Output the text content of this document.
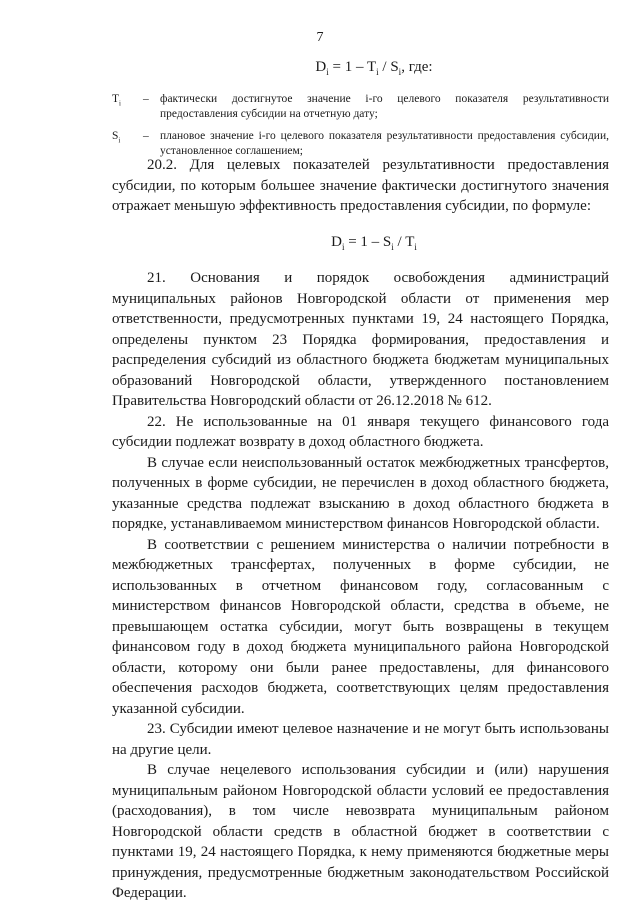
7
$D_i = 1 - T_i / S_i$, где:
$T_i$	– фактически достигнутое значение i-го целевого показателя результативности предоставления субсидии на отчетную дату;
$S_i$	– плановое значение i-го целевого показателя результативности предоставления субсидии, установленное соглашением;

20.2. Для целевых показателей результативности предоставления субсидии, по которым большее значение фактически достигнутого значения отражает меньшую эффективность предоставления субсидии, по формуле:

$D_i = 1 - S_i / T_i$

21. Основания и порядок освобождения администраций муниципальных районов Новгородской области от применения мер ответственности, предусмотренных пунктами 19, 24 настоящего Порядка, определены пунктом 23 Порядка формирования, предоставления и распределения субсидий из областного бюджета бюджетам муниципальных образований Новгородской области, утвержденного постановлением Правительства Новгородский области от 26.12.2018 № 612.

22. Не использованные на 01 января текущего финансового года субсидии подлежат возврату в доход областного бюджета.

В случае если неиспользованный остаток межбюджетных трансфертов, полученных в форме субсидии, не перечислен в доход областного бюджета, указанные средства подлежат взысканию в доход областного бюджета в порядке, устанавливаемом министерством финансов Новгородской области.

В соответствии с решением министерства о наличии потребности в межбюджетных трансфертах, полученных в форме субсидии, не использованных в отчетном финансовом году, согласованным с министерством финансов Новгородской области, средства в объеме, не превышающем остатка субсидии, могут быть возвращены в текущем финансовом году в доход бюджета муниципального района Новгородской области, которому они были ранее предоставлены, для финансового обеспечения расходов бюджета, соответствующих целям предоставления указанной субсидии.

23. Субсидии имеют целевое назначение и не могут быть использованы на другие цели.

В случае нецелевого использования субсидии и (или) нарушения муниципальным районом Новгородской области условий ее предоставления (расходования), в том числе невозврата муниципальным районом Новгородской области средств в областной бюджет в соответствии с пунктами 19, 24 настоящего Порядка, к нему применяются бюджетные меры принуждения, предусмотренные бюджетным законодательством Российской Федерации.
